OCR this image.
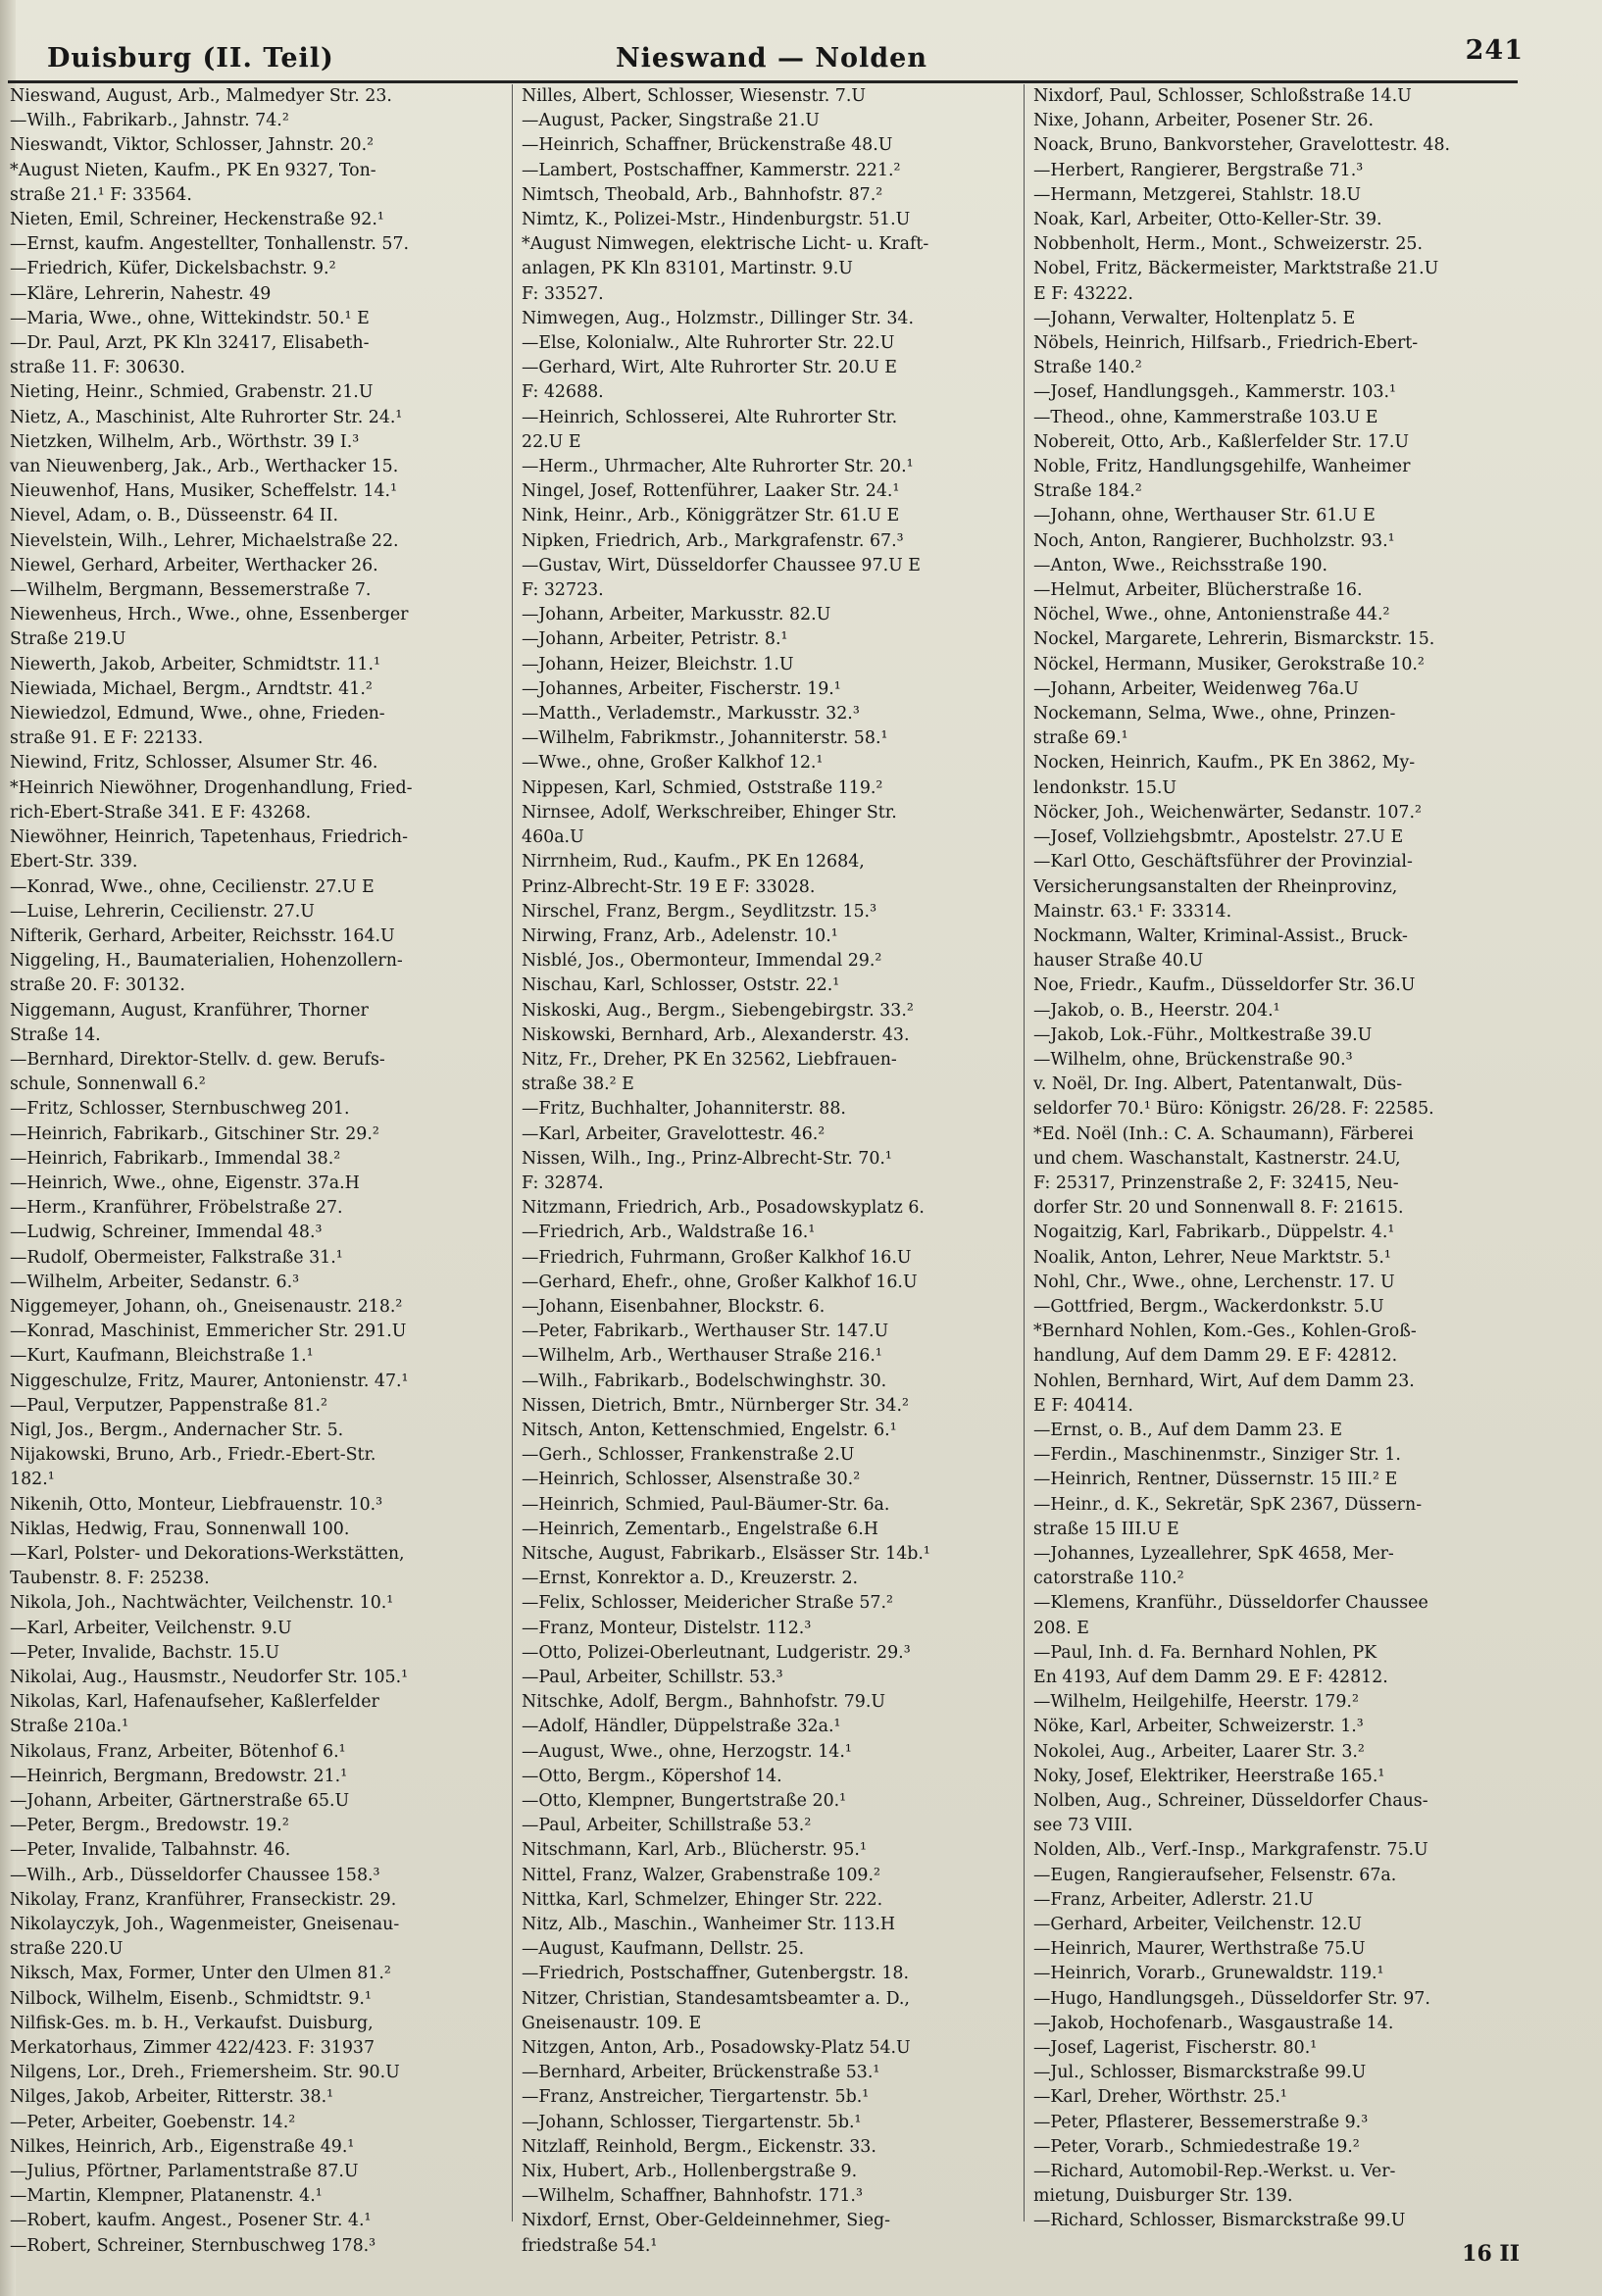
Duisburg (II. Teil)	Nieswand — Nolden	241
Nieswand, August, Arb., Malmedyer Str. 23.
—Wilh., Fabrikarb., Jahnstr. 74.²
Nieswandt, Viktor, Schlosser, Jahnstr. 20.²
*August Nieten, Kaufm., PK En 9327, Ton-
straße 21.¹ F: 33564.
Nieten, Emil, Schreiner, Heckenstraße 92.¹
—Ernst, kaufm. Angestellter, Tonhallenstr. 57.
—Friedrich, Küfer, Dickelsbachstr. 9.²
—Kläre, Lehrerin, Nahestr. 49
—Maria, Wwe., ohne, Wittekindstr. 50.¹ E
—Dr. Paul, Arzt, PK Kln 32417, Elisabeth-
straße 11. F: 30630.
Nieting, Heinr., Schmied, Grabenstr. 21.U
Nietz, A., Maschinist, Alte Ruhrorter Str. 24.¹
Nietzken, Wilhelm, Arb., Wörthstr. 39 I.³
van Nieuwenberg, Jak., Arb., Werthacker 15.
Nieuwenhof, Hans, Musiker, Scheffelstr. 14.¹
Nievel, Adam, o. B., Düsseenstr. 64 II.
Nievelstein, Wilh., Lehrer, Michaelstraße 22.
Niewel, Gerhard, Arbeiter, Werthacker 26.
—Wilhelm, Bergmann, Bessemerstraße 7.
Niewenheus, Hrch., Wwe., ohne, Essenberger
Straße 219.U
Niewerth, Jakob, Arbeiter, Schmidtstr. 11.¹
Niewiada, Michael, Bergm., Arndtstr. 41.²
Niewiedzol, Edmund, Wwe., ohne, Frieden-
straße 91. E F: 22133.
Niewind, Fritz, Schlosser, Alsumer Str. 46.
*Heinrich Niewöhner, Drogenhandlung, Fried-
rich-Ebert-Straße 341. E F: 43268.
Niewöhner, Heinrich, Tapetenhaus, Friedrich-
Ebert-Str. 339.
—Konrad, Wwe., ohne, Cecilienstr. 27.U E
—Luise, Lehrerin, Cecilienstr. 27.U
Nifterik, Gerhard, Arbeiter, Reichsstr. 164.U
Niggeling, H., Baumaterialien, Hohenzollern-
straße 20. F: 30132.
Niggemann, August, Kranführer, Thorner
Straße 14.
—Bernhard, Direktor-Stellv. d. gew. Berufs-
schule, Sonnenwall 6.²
—Fritz, Schlosser, Sternbuschweg 201.
—Heinrich, Fabrikarb., Gitschiner Str. 29.²
—Heinrich, Fabrikarb., Immendal 38.²
—Heinrich, Wwe., ohne, Eigenstr. 37a.H
—Herm., Kranführer, Fröbelstraße 27.
—Ludwig, Schreiner, Immendal 48.³
—Rudolf, Obermeister, Falkstraße 31.¹
—Wilhelm, Arbeiter, Sedanstr. 6.³
Niggemeyer, Johann, oh., Gneisenaustr. 218.²
—Konrad, Maschinist, Emmericher Str. 291.U
—Kurt, Kaufmann, Bleichstraße 1.¹
Niggeschulze, Fritz, Maurer, Antonienstr. 47.¹
—Paul, Verputzer, Pappenstraße 81.²
Nigl, Jos., Bergm., Andernacher Str. 5.
Nijakowski, Bruno, Arb., Friedr.-Ebert-Str.
182.¹
Nikenih, Otto, Monteur, Liebfrauenstr. 10.³
Niklas, Hedwig, Frau, Sonnenwall 100.
—Karl, Polster- und Dekorations-Werkstätten,
Taubenstr. 8. F: 25238.
Nikola, Joh., Nachtwächter, Veilchenstr. 10.¹
—Karl, Arbeiter, Veilchenstr. 9.U
—Peter, Invalide, Bachstr. 15.U
Nikolai, Aug., Hausmstr., Neudorfer Str. 105.¹
Nikolas, Karl, Hafenaufseher, Kaßlerfelder
Straße 210a.¹
Nikolaus, Franz, Arbeiter, Bötenhof 6.¹
—Heinrich, Bergmann, Bredowstr. 21.¹
—Johann, Arbeiter, Gärtnerstraße 65.U
—Peter, Bergm., Bredowstr. 19.²
—Peter, Invalide, Talbahnstr. 46.
—Wilh., Arb., Düsseldorfer Chaussee 158.³
Nikolay, Franz, Kranführer, Franseckistr. 29.
Nikolayczyk, Joh., Wagenmeister, Gneisenau-
straße 220.U
Niksch, Max, Former, Unter den Ulmen 81.²
Nilbock, Wilhelm, Eisenb., Schmidtstr. 9.¹
Nilfisk-Ges. m. b. H., Verkaufst. Duisburg,
Merkatorhaus, Zimmer 422/423. F: 31937
Nilgens, Lor., Dreh., Friemersheim. Str. 90.U
Nilges, Jakob, Arbeiter, Ritterstr. 38.¹
—Peter, Arbeiter, Goebenstr. 14.²
Nilkes, Heinrich, Arb., Eigenstraße 49.¹
—Julius, Pförtner, Parlamentstraße 87.U
—Martin, Klempner, Platanenstr. 4.¹
—Robert, kaufm. Angest., Posener Str. 4.¹
—Robert, Schreiner, Sternbuschweg 178.³
Nilles, Albert, Schlosser, Wiesenstr. 7.U
—August, Packer, Singstraße 21.U
—Heinrich, Schaffner, Brückenstraße 48.U
—Lambert, Postschaffner, Kammerstr. 221.²
Nimtsch, Theobald, Arb., Bahnhofstr. 87.²
Nimtz, K., Polizei-Mstr., Hindenburgstr. 51.U
*August Nimwegen, elektrische Licht- u. Kraft-
anlagen, PK Kln 83101, Martinstr. 9.U
F: 33527.
Nimwegen, Aug., Holzmstr., Dillinger Str. 34.
—Else, Kolonialw., Alte Ruhrorter Str. 22.U
—Gerhard, Wirt, Alte Ruhrorter Str. 20.U E
F: 42688.
—Heinrich, Schlosserei, Alte Ruhrorter Str.
22.U E
—Herm., Uhrmacher, Alte Ruhrorter Str. 20.¹
Ningel, Josef, Rottenführer, Laaker Str. 24.¹
Nink, Heinr., Arb., Königgrätzer Str. 61.U E
Nipken, Friedrich, Arb., Markgrafenstr. 67.³
—Gustav, Wirt, Düsseldorfer Chaussee 97.U E
F: 32723.
—Johann, Arbeiter, Markusstr. 82.U
—Johann, Arbeiter, Petristr. 8.¹
—Johann, Heizer, Bleichstr. 1.U
—Johannes, Arbeiter, Fischerstr. 19.¹
—Matth., Verlademstr., Markusstr. 32.³
—Wilhelm, Fabrikmstr., Johanniterstr. 58.¹
—Wwe., ohne, Großer Kalkhof 12.¹
Nippesen, Karl, Schmied, Oststraße 119.²
Nirnsee, Adolf, Werkschreiber, Ehinger Str.
460a.U
Nirrnheim, Rud., Kaufm., PK En 12684,
Prinz-Albrecht-Str. 19 E F: 33028.
Nirschel, Franz, Bergm., Seydlitzstr. 15.³
Nirwing, Franz, Arb., Adelenstr. 10.¹
Nisblé, Jos., Obermonteur, Immendal 29.²
Nischau, Karl, Schlosser, Oststr. 22.¹
Niskoski, Aug., Bergm., Siebengebirgstr. 33.²
Niskowski, Bernhard, Arb., Alexanderstr. 43.
Nitz, Fr., Dreher, PK En 32562, Liebfrauen-
straße 38.² E
—Fritz, Buchhalter, Johanniterstr. 88.
—Karl, Arbeiter, Gravelottestr. 46.²
Nissen, Wilh., Ing., Prinz-Albrecht-Str. 70.¹
F: 32874.
Nitzmann, Friedrich, Arb., Posadowskyplatz 6.
—Friedrich, Arb., Waldstraße 16.¹
—Friedrich, Fuhrmann, Großer Kalkhof 16.U
—Gerhard, Ehefr., ohne, Großer Kalkhof 16.U
—Johann, Eisenbahner, Blockstr. 6.
—Peter, Fabrikarb., Werthauser Str. 147.U
—Wilhelm, Arb., Werthauser Straße 216.¹
—Wilh., Fabrikarb., Bodelschwinghstr. 30.
Nissen, Dietrich, Bmtr., Nürnberger Str. 34.²
Nitsch, Anton, Kettenschmied, Engelstr. 6.¹
—Gerh., Schlosser, Frankenstraße 2.U
—Heinrich, Schlosser, Alsenstraße 30.²
—Heinrich, Schmied, Paul-Bäumer-Str. 6a.
—Heinrich, Zementarb., Engelstraße 6.H
Nitsche, August, Fabrikarb., Elsässer Str. 14b.¹
—Ernst, Konrektor a. D., Kreuzerstr. 2.
—Felix, Schlosser, Meidericher Straße 57.²
—Franz, Monteur, Distelstr. 112.³
—Otto, Polizei-Oberleutnant, Ludgeristr. 29.³
—Paul, Arbeiter, Schillstr. 53.³
Nitschke, Adolf, Bergm., Bahnhofstr. 79.U
—Adolf, Händler, Düppelstraße 32a.¹
—August, Wwe., ohne, Herzogstr. 14.¹
—Otto, Bergm., Köpershof 14.
—Otto, Klempner, Bungertstraße 20.¹
—Paul, Arbeiter, Schillstraße 53.²
Nitschmann, Karl, Arb., Blücherstr. 95.¹
Nittel, Franz, Walzer, Grabenstraße 109.²
Nittka, Karl, Schmelzer, Ehinger Str. 222.
Nitz, Alb., Maschin., Wanheimer Str. 113.H
—August, Kaufmann, Dellstr. 25.
—Friedrich, Postschaffner, Gutenbergstr. 18.
Nitzer, Christian, Standesamtsbeamter a. D.,
Gneisenaustr. 109. E
Nitzgen, Anton, Arb., Posadowsky-Platz 54.U
—Bernhard, Arbeiter, Brückenstraße 53.¹
—Franz, Anstreicher, Tiergartenstr. 5b.¹
—Johann, Schlosser, Tiergartenstr. 5b.¹
Nitzlaff, Reinhold, Bergm., Eickenstr. 33.
Nix, Hubert, Arb., Hollenbergstraße 9.
—Wilhelm, Schaffner, Bahnhofstr. 171.³
Nixdorf, Ernst, Ober-Geldeinnehmer, Sieg-
friedstraße 54.¹
Nixdorf, Paul, Schlosser, Schloßstraße 14.U
Nixe, Johann, Arbeiter, Posener Str. 26.
Noack, Bruno, Bankvorsteher, Gravelottestr. 48.
—Herbert, Rangierer, Bergstraße 71.³
—Hermann, Metzgerei, Stahlstr. 18.U
Noak, Karl, Arbeiter, Otto-Keller-Str. 39.
Nobbenholt, Herm., Mont., Schweizerstr. 25.
Nobel, Fritz, Bäckermeister, Marktstraße 21.U
E F: 43222.
—Johann, Verwalter, Holtenplatz 5. E
Nöbels, Heinrich, Hilfsarb., Friedrich-Ebert-
Straße 140.²
—Josef, Handlungsgeh., Kammerstr. 103.¹
—Theod., ohne, Kammerstraße 103.U E
Nobereit, Otto, Arb., Kaßlerfelder Str. 17.U
Noble, Fritz, Handlungsgehilfe, Wanheimer
Straße 184.²
—Johann, ohne, Werthauser Str. 61.U E
Noch, Anton, Rangierer, Buchholzstr. 93.¹
—Anton, Wwe., Reichsstraße 190.
—Helmut, Arbeiter, Blücherstraße 16.
Nöchel, Wwe., ohne, Antonienstraße 44.²
Nockel, Margarete, Lehrerin, Bismarckstr. 15.
Nöckel, Hermann, Musiker, Gerokstraße 10.²
—Johann, Arbeiter, Weidenweg 76a.U
Nockemann, Selma, Wwe., ohne, Prinzen-
straße 69.¹
Nocken, Heinrich, Kaufm., PK En 3862, My-
lendonkstr. 15.U
Nöcker, Joh., Weichenwärter, Sedanstr. 107.²
—Josef, Vollziehgsbmtr., Apostelstr. 27.U E
—Karl Otto, Geschäftsführer der Provinzial-
Versicherungsanstalten der Rheinprovinz,
Mainstr. 63.¹ F: 33314.
Nockmann, Walter, Kriminal-Assist., Bruck-
hauser Straße 40.U
Noe, Friedr., Kaufm., Düsseldorfer Str. 36.U
—Jakob, o. B., Heerstr. 204.¹
—Jakob, Lok.-Führ., Moltkestraße 39.U
—Wilhelm, ohne, Brückenstraße 90.³
v. Noël, Dr. Ing. Albert, Patentanwalt, Düs-
seldorfer 70.¹ Büro: Königstr. 26/28. F: 22585.
*Ed. Noël (Inh.: C. A. Schaumann), Färberei
und chem. Waschanstalt, Kastnerstr. 24.U,
F: 25317, Prinzenstraße 2, F: 32415, Neu-
dorfer Str. 20 und Sonnenwall 8. F: 21615.
Nogaitzig, Karl, Fabrikarb., Düppelstr. 4.¹
Noalik, Anton, Lehrer, Neue Marktstr. 5.¹
Nohl, Chr., Wwe., ohne, Lerchenstr. 17. U
—Gottfried, Bergm., Wackerdonkstr. 5.U
*Bernhard Nohlen, Kom.-Ges., Kohlen-Groß-
handlung, Auf dem Damm 29. E F: 42812.
Nohlen, Bernhard, Wirt, Auf dem Damm 23.
E F: 40414.
—Ernst, o. B., Auf dem Damm 23. E
—Ferdin., Maschinenmstr., Sinziger Str. 1.
—Heinrich, Rentner, Düssernstr. 15 III.² E
—Heinr., d. K., Sekretär, SpK 2367, Düssern-
straße 15 III.U E
—Johannes, Lyzeallehrer, SpK 4658, Mer-
catorstraße 110.²
—Klemens, Kranführ., Düsseldorfer Chaussee
208. E
—Paul, Inh. d. Fa. Bernhard Nohlen, PK
En 4193, Auf dem Damm 29. E F: 42812.
—Wilhelm, Heilgehilfe, Heerstr. 179.²
Nöke, Karl, Arbeiter, Schweizerstr. 1.³
Nokolei, Aug., Arbeiter, Laarer Str. 3.²
Noky, Josef, Elektriker, Heerstraße 165.¹
Nolben, Aug., Schreiner, Düsseldorfer Chaus-
see 73 VIII.
Nolden, Alb., Verf.-Insp., Markgrafenstr. 75.U
—Eugen, Rangieraufseher, Felsenstr. 67a.
—Franz, Arbeiter, Adlerstr. 21.U
—Gerhard, Arbeiter, Veilchenstr. 12.U
—Heinrich, Maurer, Werthstraße 75.U
—Heinrich, Vorarb., Grunewaldstr. 119.¹
—Hugo, Handlungsgeh., Düsseldorfer Str. 97.
—Jakob, Hochofenarb., Wasgaustraße 14.
—Josef, Lagerist, Fischerstr. 80.¹
—Jul., Schlosser, Bismarckstraße 99.U
—Karl, Dreher, Wörthstr. 25.¹
—Peter, Pflasterer, Bessemerstraße 9.³
—Peter, Vorarb., Schmiedestraße 19.²
—Richard, Automobil-Rep.-Werkst. u. Ver-
mietung, Duisburger Str. 139.
—Richard, Schlosser, Bismarckstraße 99.U
16 II
